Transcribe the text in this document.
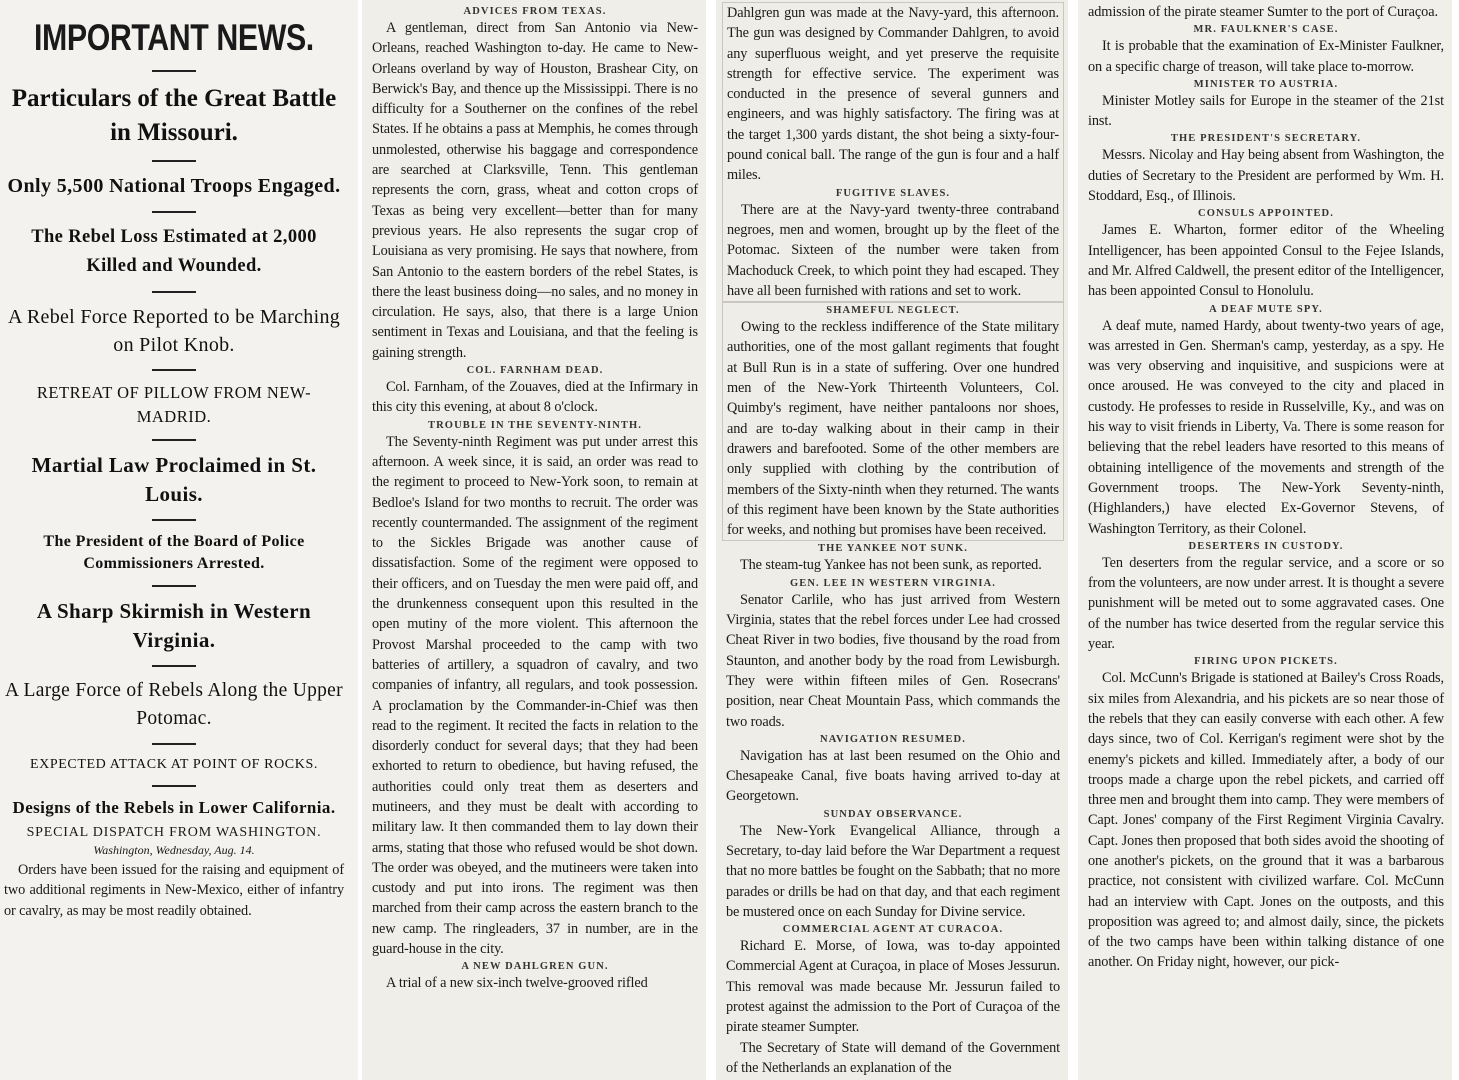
IMPORTANT NEWS.

Particulars of the Great Battle in Missouri.

Only 5,500 National Troops Engaged.

The Rebel Loss Estimated at 2,000 Killed and Wounded.

A Rebel Force Reported to be Marching on Pilot Knob.

RETREAT OF PILLOW FROM NEW-MADRID.

Martial Law Proclaimed in St. Louis.

The President of the Board of Police Commissioners Arrested.

A Sharp Skirmish in Western Virginia.

A Large Force of Rebels Along the Upper Potomac.

EXPECTED ATTACK AT POINT OF ROCKS.

Designs of the Rebels in Lower California.

SPECIAL DISPATCH FROM WASHINGTON.

Washington, Wednesday, Aug. 14.

Orders have been issued for the raising and equipment of two additional regiments in New-Mexico, either of infantry or cavalry, as may be most readily obtained.

ADVICES FROM TEXAS.

A gentleman, direct from San Antonio via New-Orleans, reached Washington to-day. He came to New-Orleans overland by way of Houston, Brashear City, on Berwick's Bay, and thence up the Mississippi. There is no difficulty for a Southerner on the confines of the rebel States. If he obtains a pass at Memphis, he comes through unmolested, otherwise his baggage and correspondence are searched at Clarksville, Tenn. This gentleman represents the corn, grass, wheat and cotton crops of Texas as being very excellent—better than for many previous years. He also represents the sugar crop of Louisiana as very promising. He says that nowhere, from San Antonio to the eastern borders of the rebel States, is there the least business doing—no sales, and no money in circulation. He says, also, that there is a large Union sentiment in Texas and Louisiana, and that the feeling is gaining strength.

COL. FARNHAM DEAD.

Col. Farnham, of the Zouaves, died at the Infirmary in this city this evening, at about 8 o'clock.

TROUBLE IN THE SEVENTY-NINTH.

The Seventy-ninth Regiment was put under arrest this afternoon. A week since, it is said, an order was read to the regiment to proceed to New-York soon, to remain at Bedloe's Island for two months to recruit. The order was recently countermanded. The assignment of the regiment to the Sickles Brigade was another cause of dissatisfaction. Some of the regiment were opposed to their officers, and on Tuesday the men were paid off, and the drunkenness consequent upon this resulted in the open mutiny of the more violent. This afternoon the Provost Marshal proceeded to the camp with two batteries of artillery, a squadron of cavalry, and two companies of infantry, all regulars, and took possession. A proclamation by the Commander-in-Chief was then read to the regiment. It recited the facts in relation to the disorderly conduct for several days; that they had been exhorted to return to obedience, but having refused, the authorities could only treat them as deserters and mutineers, and they must be dealt with according to military law. It then commanded them to lay down their arms, stating that those who refused would be shot down. The order was obeyed, and the mutineers were taken into custody and put into irons. The regiment was then marched from their camp across the eastern branch to the new camp. The ringleaders, 37 in number, are in the guard-house in the city.

A NEW DAHLGREN GUN.

A trial of a new six-inch twelve-grooved rifled

Dahlgren gun was made at the Navy-yard, this afternoon. The gun was designed by Commander Dahlgren, to avoid any superfluous weight, and yet preserve the requisite strength for effective service. The experiment was conducted in the presence of several gunners and engineers, and was highly satisfactory. The firing was at the target 1,300 yards distant, the shot being a sixty-four-pound conical ball. The range of the gun is four and a half miles.

FUGITIVE SLAVES.

There are at the Navy-yard twenty-three contraband negroes, men and women, brought up by the fleet of the Potomac. Sixteen of the number were taken from Machoduck Creek, to which point they had escaped. They have all been furnished with rations and set to work.

SHAMEFUL NEGLECT.

Owing to the reckless indifference of the State military authorities, one of the most gallant regiments that fought at Bull Run is in a state of suffering. Over one hundred men of the New-York Thirteenth Volunteers, Col. Quimby's regiment, have neither pantaloons nor shoes, and are to-day walking about in their camp in their drawers and barefooted. Some of the other members are only supplied with clothing by the contribution of members of the Sixty-ninth when they returned. The wants of this regiment have been known by the State authorities for weeks, and nothing but promises have been received.

THE YANKEE NOT SUNK.

The steam-tug Yankee has not been sunk, as reported.

GEN. LEE IN WESTERN VIRGINIA.

Senator Carlile, who has just arrived from Western Virginia, states that the rebel forces under Lee had crossed Cheat River in two bodies, five thousand by the road from Staunton, and another body by the road from Lewisburgh. They were within fifteen miles of Gen. Rosecrans' position, near Cheat Mountain Pass, which commands the two roads.

NAVIGATION RESUMED.

Navigation has at last been resumed on the Ohio and Chesapeake Canal, five boats having arrived to-day at Georgetown.

SUNDAY OBSERVANCE.

The New-York Evangelical Alliance, through a Secretary, to-day laid before the War Department a request that no more battles be fought on the Sabbath; that no more parades or drills be had on that day, and that each regiment be mustered once on each Sunday for Divine service.

COMMERCIAL AGENT AT CURACOA.

Richard E. Morse, of Iowa, was to-day appointed Commercial Agent at Curaçoa, in place of Moses Jessurun. This removal was made because Mr. Jessurun failed to protest against the admission to the Port of Curaçoa of the pirate steamer Sumpter.

The Secretary of State will demand of the Government of the Netherlands an explanation of the

admission of the pirate steamer Sumter to the port of Curaçoa.

MR. FAULKNER'S CASE.

It is probable that the examination of Ex-Minister Faulkner, on a specific charge of treason, will take place to-morrow.

MINISTER TO AUSTRIA.

Minister Motley sails for Europe in the steamer of the 21st inst.

THE PRESIDENT'S SECRETARY.

Messrs. Nicolay and Hay being absent from Washington, the duties of Secretary to the President are performed by Wm. H. Stoddard, Esq., of Illinois.

CONSULS APPOINTED.

James E. Wharton, former editor of the Wheeling Intelligencer, has been appointed Consul to the Fejee Islands, and Mr. Alfred Caldwell, the present editor of the Intelligencer, has been appointed Consul to Honolulu.

A DEAF MUTE SPY.

A deaf mute, named Hardy, about twenty-two years of age, was arrested in Gen. Sherman's camp, yesterday, as a spy. He was very observing and inquisitive, and suspicions were at once aroused. He was conveyed to the city and placed in custody. He professes to reside in Russelville, Ky., and was on his way to visit friends in Liberty, Va. There is some reason for believing that the rebel leaders have resorted to this means of obtaining intelligence of the movements and strength of the Government troops. The New-York Seventy-ninth, (Highlanders,) have elected Ex-Governor Stevens, of Washington Territory, as their Colonel.

DESERTERS IN CUSTODY.

Ten deserters from the regular service, and a score or so from the volunteers, are now under arrest. It is thought a severe punishment will be meted out to some aggravated cases. One of the number has twice deserted from the regular service this year.

FIRING UPON PICKETS.

Col. McCunn's Brigade is stationed at Bailey's Cross Roads, six miles from Alexandria, and his pickets are so near those of the rebels that they can easily converse with each other. A few days since, two of Col. Kerrigan's regiment were shot by the enemy's pickets and killed. Immediately after, a body of our troops made a charge upon the rebel pickets, and carried off three men and brought them into camp. They were members of Capt. Jones' company of the First Regiment Virginia Cavalry. Capt. Jones then proposed that both sides avoid the shooting of one another's pickets, on the ground that it was a barbarous practice, not consistent with civilized warfare. Col. McCunn had an interview with Capt. Jones on the outposts, and this proposition was agreed to; and almost daily, since, the pickets of the two camps have been within talking distance of one another. On Friday night, however, our pick-
